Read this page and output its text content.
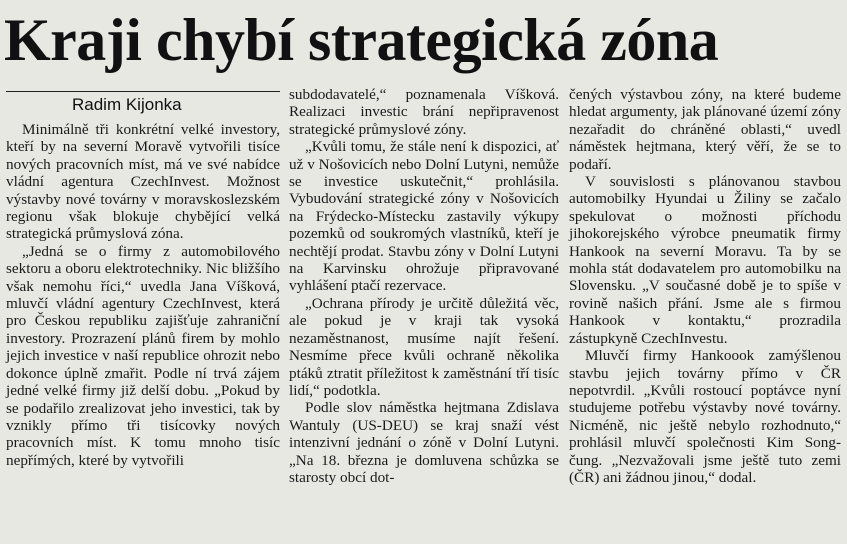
Kraji chybí strategická zóna
Radim Kijonka

Minimálně tři konkrétní velké investory, kteří by na severní Moravě vytvořili tisíce nových pracovních míst, má ve své nabídce vládní agentura CzechInvest. Možnost výstavby nové továrny v moravskoslezském regionu však blokuje chybějící velká strategická průmyslová zóna.

„Jedná se o firmy z automobilového sektoru a oboru elektrotechniky. Nic bližšího však nemohu říci,“ uvedla Jana Víšková, mluvčí vládní agentury CzechInvest, která pro Českou republiku zajišťuje zahraniční investory. Prozrazení plánů firem by mohlo jejich investice v naší republice ohrozit nebo dokonce úplně zmařit. Podle ní trvá zájem jedné velké firmy již delší dobu. „Pokud by se podařilo zrealizovat jeho investici, tak by vznikly přímo tři tisícovky nových pracovních míst. K tomu mnoho tisíc nepřímých, které by vytvořili

subdodavatelé,“ poznamenala Víšková. Realizaci investic brání nepřipravenost strategické průmyslové zóny.

„Kvůli tomu, že stále není k dispozici, ať už v Nošovicích nebo Dolní Lutyni, nemůže se investice uskutečnit,“ prohlásila. Vybudování strategické zóny v Nošovicích na Frýdecko-Místecku zastavily výkupy pozemků od soukromých vlastníků, kteří je nechtějí prodat. Stavbu zóny v Dolní Lutyni na Karvinsku ohrožuje připravované vyhlášení ptačí rezervace.

„Ochrana přírody je určitě důležitá věc, ale pokud je v kraji tak vysoká nezaměstnanost, musíme najít řešení. Nesmíme přece kvůli ochraně několika ptáků ztratit příležitost k zaměstnání tří tisíc lidí,“ podotkla.

Podle slov náměstka hejtmana Zdislava Wantuly (US-DEU) se kraj snaží vést intenzivní jednání o zóně v Dolní Lutyni. „Na 18. března je domluvena schůzka se starosty obcí dot-

čených výstavbou zóny, na které budeme hledat argumenty, jak plánované území zóny nezařadit do chráněné oblasti,“ uvedl náměstek hejtmana, který věří, že se to podaří.

V souvislosti s plánovanou stavbou automobilky Hyundai u Žiliny se začalo spekulovat o možnosti příchodu jihokorejského výrobce pneumatik firmy Hankook na severní Moravu. Ta by se mohla stát dodavatelem pro automobilku na Slovensku. „V současné době je to spíše v rovině našich přání. Jsme ale s firmou Hankook v kontaktu,“ prozradila zástupkyně CzechInvestu.

Mluvčí firmy Hankoook zamýšlenou stavbu jejich továrny přímo v ČR nepotvrdil. „Kvůli rostoucí poptávce nyní studujeme potřebu výstavby nové továrny. Nicméně, nic ještě nebylo rozhodnuto,“ prohlásil mluvčí společnosti Kim Song-čung. „Nezvažovali jsme ještě tuto zemi (ČR) ani žádnou jinou,“ dodal.
